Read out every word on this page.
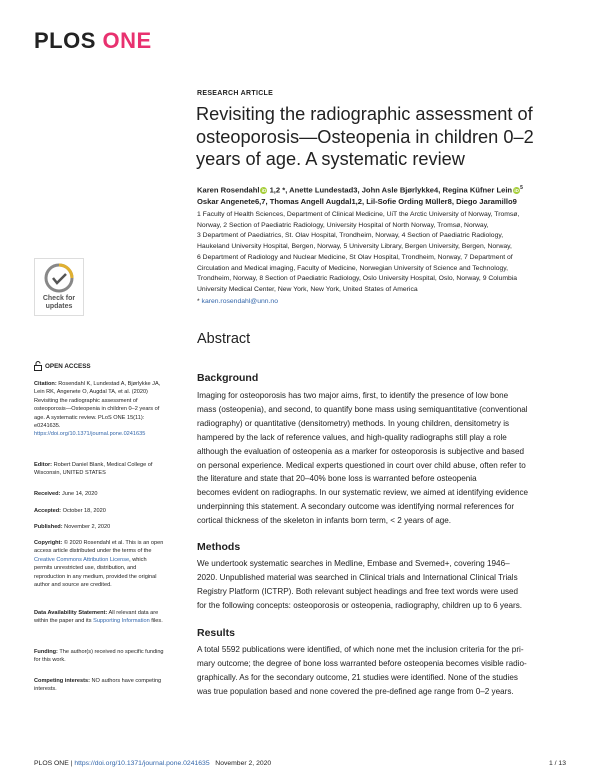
PLOS ONE
Check for
updates
OPEN ACCESS
Citation: Rosendahl K, Lundestad A, Bjørlykke JA, Lein RK, Angenete O, Augdal TA, et al. (2020) Revisiting the radiographic assessment of osteoporosis—Osteopenia in children 0–2 years of age. A systematic review. PLoS ONE 15(11): e0241635. https://doi.org/10.1371/journal.pone.0241635
Editor: Robert Daniel Blank, Medical College of Wisconsin, UNITED STATES
Received: June 14, 2020
Accepted: October 18, 2020
Published: November 2, 2020
Copyright: © 2020 Rosendahl et al. This is an open access article distributed under the terms of the Creative Commons Attribution License, which permits unrestricted use, distribution, and reproduction in any medium, provided the original author and source are credited.
Data Availability Statement: All relevant data are within the paper and its Supporting Information files.
Funding: The author(s) received no specific funding for this work.
Competing interests: NO authors have competing interests.
RESEARCH ARTICLE
Revisiting the radiographic assessment of osteoporosis—Osteopenia in children 0–2 years of age. A systematic review
Karen Rosendahl iD 1,2 *, Anette Lundestad3, John Asle Bjørlykke4, Regina Küfner Lein $iD^5$
Oskar Angenete6,7, Thomas Angell Augdal1,2, Lil-Sofie Ording Müller8, Diego Jaramillo9
1 Faculty of Health Sciences, Department of Clinical Medicine, UiT the Arctic University of Norway, Tromsø,
Norway, 2 Section of Paediatric Radiology, University Hospital of North Norway, Tromsø, Norway,
3 Department of Paediatrics, St. Olav Hospital, Trondheim, Norway, 4 Section of Paediatric Radiology,
Haukeland University Hospital, Bergen, Norway, 5 University Library, Bergen University, Bergen, Norway,
6 Department of Radiology and Nuclear Medicine, St Olav Hospital, Trondheim, Norway, 7 Department of
Circulation and Medical imaging, Faculty of Medicine, Norwegian University of Science and Technology,
Trondheim, Norway, 8 Section of Paediatric Radiology, Oslo University Hospital, Oslo, Norway, 9 Columbia
University Medical Center, New York, New York, United States of America
* karen.rosendahl@unn.no
Abstract
Background
Imaging for osteoporosis has two major aims, first, to identify the presence of low bone
mass (osteopenia), and second, to quantify bone mass using semiquantitative (conventional
radiography) or quantitative (densitometry) methods. In young children, densitometry is
hampered by the lack of reference values, and high-quality radiographs still play a role
although the evaluation of osteopenia as a marker for osteoporosis is subjective and based
on personal experience. Medical experts questioned in court over child abuse, often refer to
the literature and state that 20–40% bone loss is warranted before osteopenia
becomes evident on radiographs. In our systematic review, we aimed at identifying evidence
underpinning this statement. A secondary outcome was identifying normal references for
cortical thickness of the skeleton in infants born term, < 2 years of age.
Methods
We undertook systematic searches in Medline, Embase and Svemed+, covering 1946–
2020. Unpublished material was searched in Clinical trials and International Clinical Trials
Registry Platform (ICTRP). Both relevant subject headings and free text words were used
for the following concepts: osteoporosis or osteopenia, radiography, children up to 6 years.
Results
A total 5592 publications were identified, of which none met the inclusion criteria for the pri-
mary outcome; the degree of bone loss warranted before osteopenia becomes visible radio-
graphically. As for the secondary outcome, 21 studies were identified. None of the studies
was true population based and none covered the pre-defined age range from 0–2 years.
PLOS ONE | https://doi.org/10.1371/journal.pone.0241635 November 2, 2020	1 / 13
